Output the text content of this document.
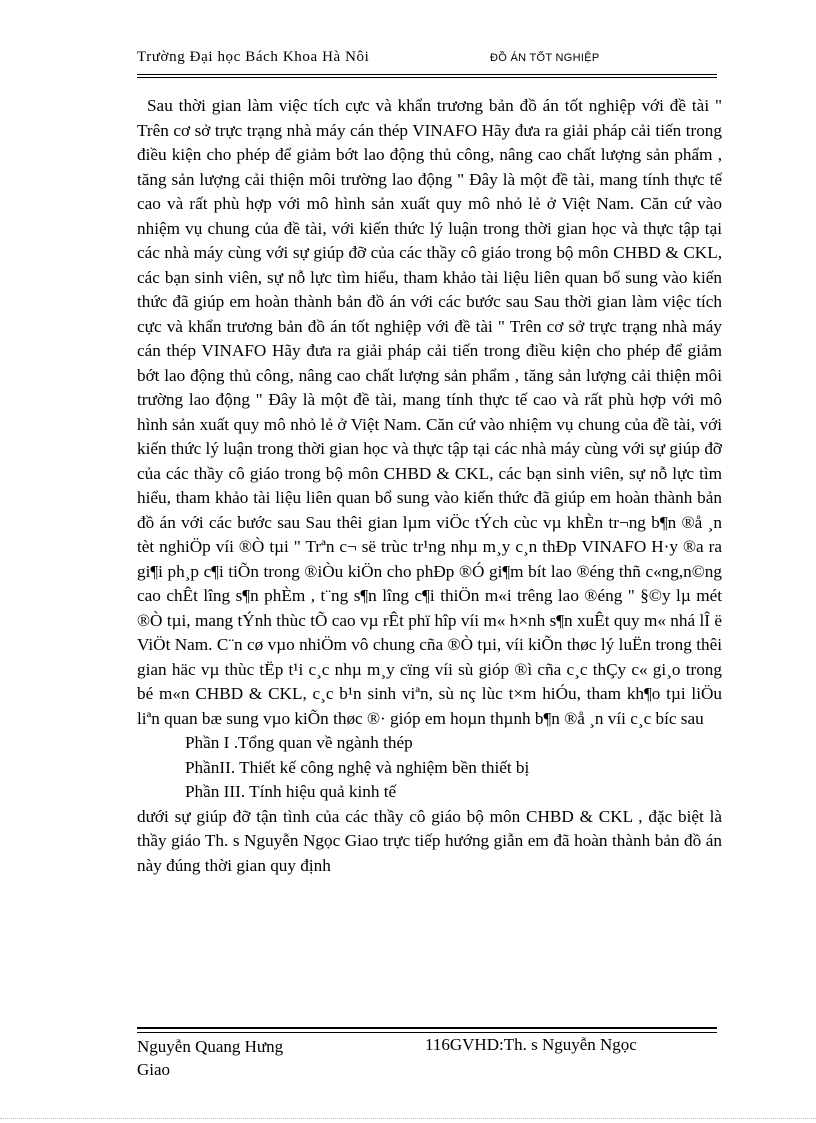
Trường Đại học Bách Khoa Hà Nôi	ĐỒ ÁN TỐT NGHIỆP

Sau thời gian làm việc tích cực và khẩn trương bản đồ án tốt nghiệp với đề tài " Trên cơ sở trực trạng nhà máy cán thép VINAFO Hãy đưa ra giải pháp cải tiến trong điều kiện cho phép để giảm bớt lao động thủ công, nâng cao chất lượng sản phẩm , tăng sản lượng cải thiện môi trường lao động " Đây là một đề tài, mang tính thực tế cao và rất phù hợp với mô hình sản xuất quy mô nhỏ lẻ ở Việt Nam. Căn cứ vào nhiệm vụ chung của đề tài, với kiến thức lý luận trong thời gian học và thực tập tại các nhà máy cùng với sự giúp đỡ của các thầy cô giáo trong bộ môn CHBD & CKL, các bạn sinh viên, sự nỗ lực tìm hiểu, tham khảo tài liệu liên quan bổ sung vào kiến thức đã giúp em hoàn thành bản đồ án với các bước sau Sau thời gian làm việc tích cực và khẩn trương bản đồ án tốt nghiệp với đề tài " Trên cơ sở trực trạng nhà máy cán thép VINAFO Hãy đưa ra giải pháp cải tiến trong điều kiện cho phép để giảm bớt lao động thủ công, nâng cao chất lượng sản phẩm , tăng sản lượng cải thiện môi trường lao động " Đây là một đề tài, mang tính thực tế cao và rất phù hợp với mô hình sản xuất quy mô nhỏ lẻ ở Việt Nam. Căn cứ vào nhiệm vụ chung của đề tài, với kiến thức lý luận trong thời gian học và thực tập tại các nhà máy cùng với sự giúp đỡ của các thầy cô giáo trong bộ môn CHBD & CKL, các bạn sinh viên, sự nỗ lực tìm hiểu, tham khảo tài liệu liên quan bổ sung vào kiến thức đã giúp em hoàn thành bản đồ án với các bước sau Sau thêi gian lµm viÖc tÝch cùc vµ khÈn tr¬ng b¶n ®å ¸n tèt nghiÖp víi ®Ò tµi " Trªn c¬ së trùc tr¹ng nhµ m¸y c¸n thÐp VINAFO H·y ®a ra gi¶i ph¸p c¶i tiÕn trong ®iÒu kiÖn cho phÐp ®Ó gi¶m bít lao ®éng thñ c«ng,n©ng cao chÊt lîng s¶n phÈm , t¨ng s¶n lîng c¶i thiÖn m«i trêng lao ®éng " §©y lµ mét ®Ò tµi, mang tÝnh thùc tÕ cao vµ rÊt phï hîp víi m« h×nh s¶n xuÊt quy m« nhá lÎ ë ViÖt Nam. C¨n cø vµo nhiÖm vô chung cña ®Ò tµi, víi kiÕn thøc lý luËn trong thêi gian häc vµ thùc tËp t¹i c¸c nhµ m¸y cïng víi sù gióp ®ì cña c¸c thÇy c« gi¸o trong bé m«n CHBD & CKL, c¸c b¹n sinh viªn, sù nç lùc t×m hiÓu, tham kh¶o tµi liÖu liªn quan bæ sung vµo kiÕn thøc ®· gióp em hoµn thµnh b¶n ®å ¸n víi c¸c bíc sau

Phần I .Tổng quan về ngành thép

PhầnII. Thiết kế công nghệ và nghiệm bền thiết bị

Phần III. Tính hiệu quả kinh tế

dưới sự giúp đỡ tận tình của các thầy cô giáo bộ môn CHBD & CKL , đặc biệt là thầy giáo Th. s Nguyễn Ngọc Giao trực tiếp hướng giẫn em đã hoàn thành bản đồ án này đúng thời gian quy định

Nguyễn Quang Hưng
Giao
116GVHD:Th. s Nguyễn Ngọc
